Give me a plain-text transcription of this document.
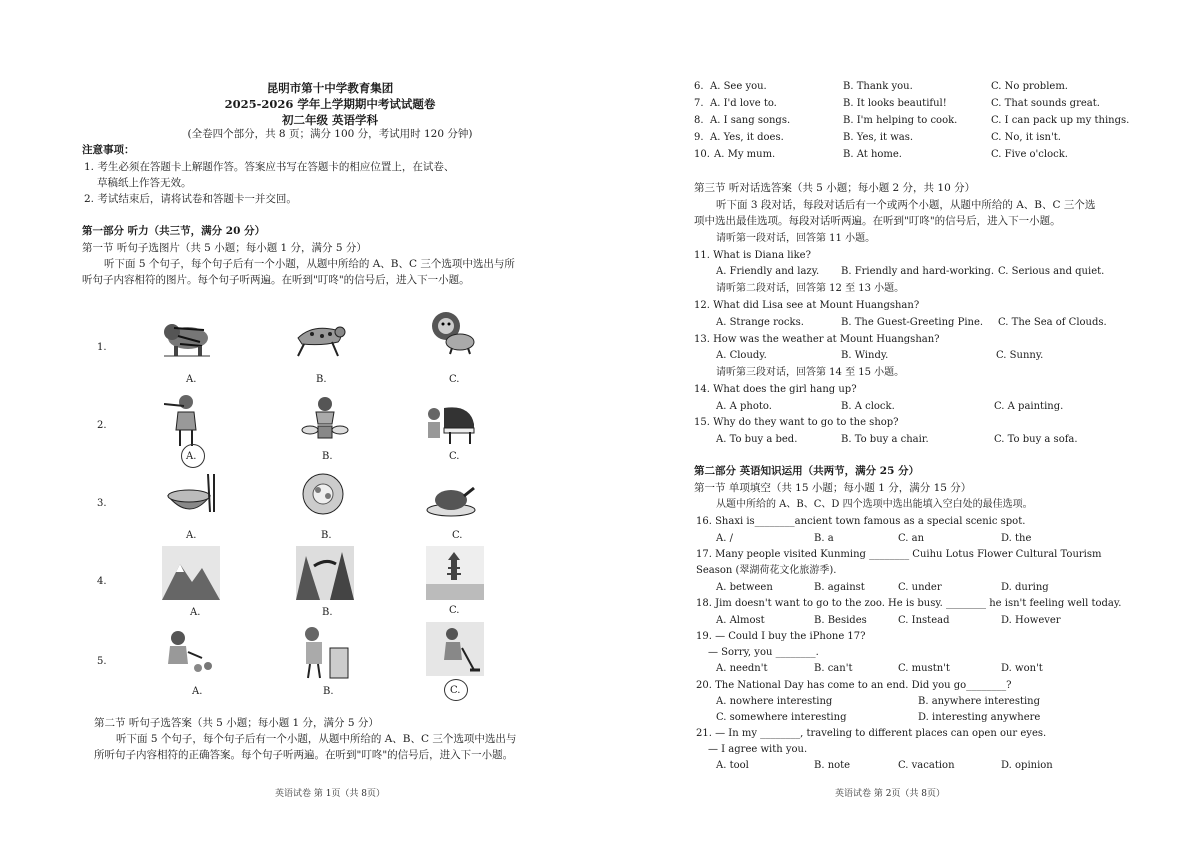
昆明市第十中学教育集团
2025-2026 学年上学期期中考试试题卷
初二年级 英语学科
(全卷四个部分，共 8 页；满分 100 分，考试用时 120 分钟)
注意事项：
1. 考生必须在答题卡上解题作答。答案应书写在答题卡的相应位置上，在试卷、
草稿纸上作答无效。
2. 考试结束后，请将试卷和答题卡一并交回。
第一部分 听力（共三节，满分 20 分）
第一节 听句子选图片（共 5 小题；每小题 1 分，满分 5 分）
听下面 5 个句子，每个句子后有一个小题，从题中所给的 A、B、C 三个选项中选出与所听句子内容相符的图片。每个句子听两遍。在听到"叮咚"的信号后，进入下一小题。
1.
A.	B.	C.
2.
A.	B.	C.
3.
A.	B.	C.
4.
A.	B.	C.
5.
A.	B.	C.
第二节 听句子选答案（共 5 小题；每小题 1 分，满分 5 分）
听下面 5 个句子，每个句子后有一个小题，从题中所给的 A、B、C 三个选项中选出与所听句子内容相符的正确答案。每个句子听两遍。在听到"叮咚"的信号后，进入下一小题。
英语试卷 第 1页（共 8页）
6. A. See you.	B. Thank you.	C. No problem.
7. A. I'd love to.	B. It looks beautiful!	C. That sounds great.
8. A. I sang songs.	B. I'm helping to cook.	C. I can pack up my things.
9. A. Yes, it does.	B. Yes, it was.	C. No, it isn't.
10. A. My mum.	B. At home.	C. Five o'clock.
第三节 听对话选答案（共 5 小题；每小题 2 分，共 10 分）
听下面 3 段对话，每段对话后有一个或两个小题，从题中所给的 A、B、C 三个选项中选出最佳选项。每段对话听两遍。在听到"叮咚"的信号后，进入下一小题。
请听第一段对话，回答第 11 小题。
11. What is Diana like?
A. Friendly and lazy. B. Friendly and hard-working. C. Serious and quiet.
请听第二段对话，回答第 12 至 13 小题。
12. What did Lisa see at Mount Huangshan?
A. Strange rocks.	B. The Guest-Greeting Pine. C. The Sea of Clouds.
13. How was the weather at Mount Huangshan?
A. Cloudy.	B. Windy.	C. Sunny.
请听第三段对话，回答第 14 至 15 小题。
14. What does the girl hang up?
A. A photo.	B. A clock.	C. A painting.
15. Why do they want to go to the shop?
A. To buy a bed.	B. To buy a chair.	C. To buy a sofa.
第二部分 英语知识运用（共两节，满分 25 分）
第一节 单项填空（共 15 小题；每小题 1 分，满分 15 分）
从题中所给的 A、B、C、D 四个选项中选出能填入空白处的最佳选项。
16. Shaxi is________ancient town famous as a special scenic spot.
A. /	B. a	C. an	D. the
17. Many people visited Kunming ________ Cuihu Lotus Flower Cultural Tourism
Season (翠湖荷花文化旅游季).
A. between	B. against	C. under	D. during
18. Jim doesn't want to go to the zoo. He is busy. ________ he isn't feeling well today.
A. Almost	B. Besides	C. Instead	D. However
19. — Could I buy the iPhone 17?
— Sorry, you ________.
A. needn't	B. can't	C. mustn't	D. won't
20. The National Day has come to an end. Did you go________?
A. nowhere interesting	B. anywhere interesting
C. somewhere interesting	D. interesting anywhere
21. — In my ________, traveling to different places can open our eyes.
— I agree with you.
A. tool	B. note	C. vacation	D. opinion
英语试卷 第 2页（共 8页）
